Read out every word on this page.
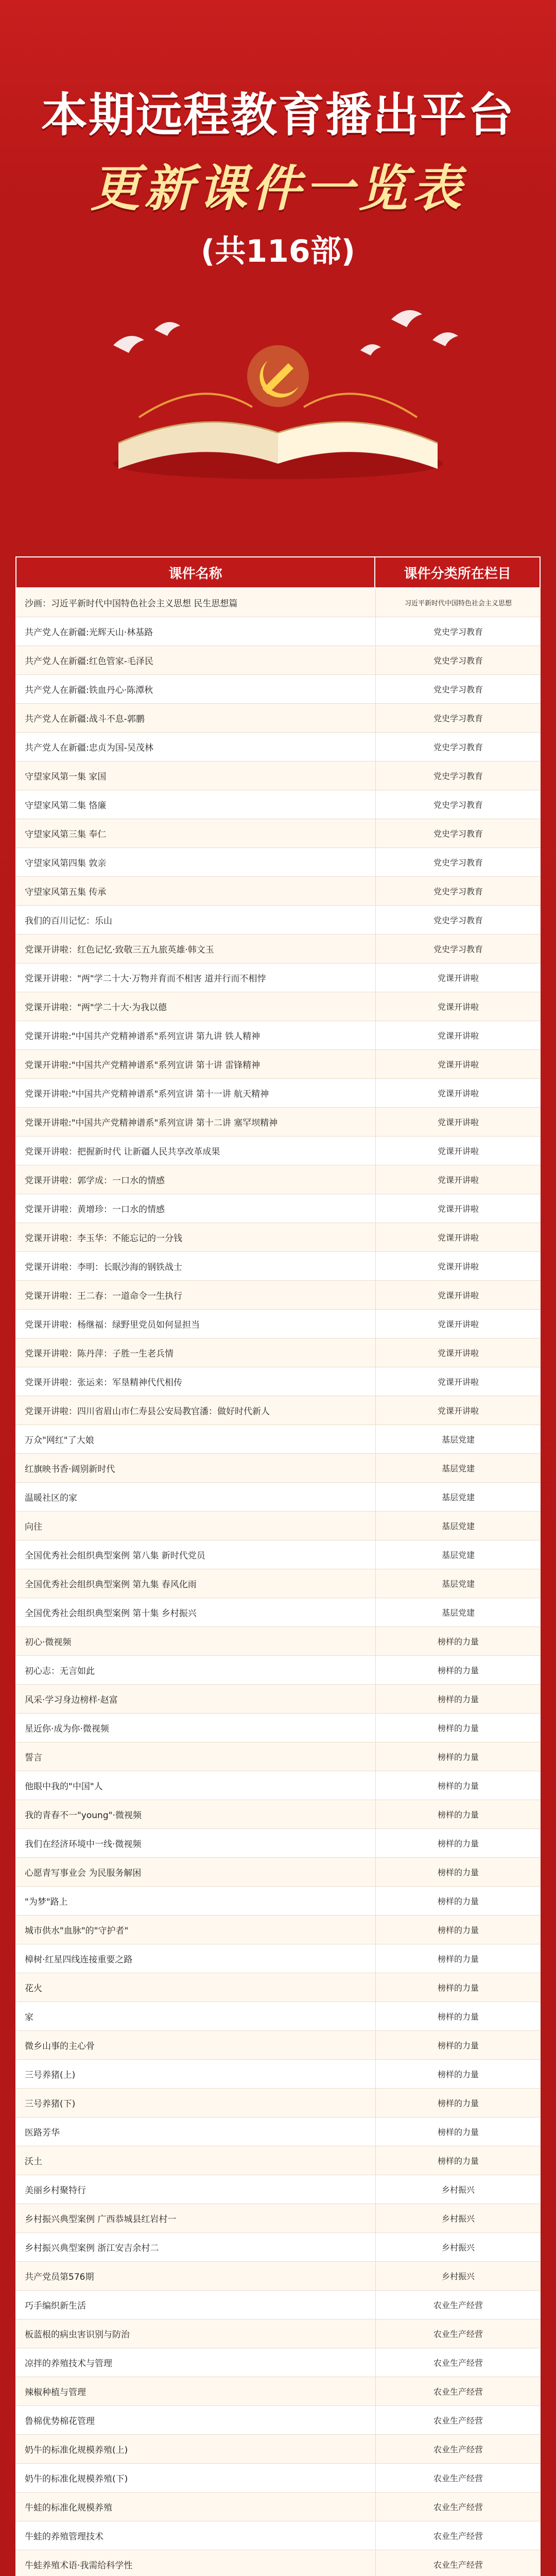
本期远程教育播出平台
更新课件一览表
(共116部)
课件名称	课件分类所在栏目
沙画：习近平新时代中国特色社会主义思想 民生思想篇	习近平新时代中国特色社会主义思想
共产党人在新疆:光辉天山·林基路	党史学习教育
共产党人在新疆:红色管家-毛泽民	党史学习教育
共产党人在新疆:铁血丹心·陈潭秋	党史学习教育
共产党人在新疆:战斗不息-郭鹏	党史学习教育
共产党人在新疆:忠贞为国-吴茂林	党史学习教育
守望家风第一集 家国	党史学习教育
守望家风第二集 恪廉	党史学习教育
守望家风第三集 奉仁	党史学习教育
守望家风第四集 敦亲	党史学习教育
守望家风第五集 传承	党史学习教育
我们的百川记忆：乐山	党史学习教育
党课开讲啦：红色记忆·致敬三五九旅英雄·韩文玉	党史学习教育
党课开讲啦："两"学二十大·万物并育而不相害 道并行而不相悖	党课开讲啦
党课开讲啦："两"学二十大·为我以德	党课开讲啦
党课开讲啦:"中国共产党精神谱系"系列宣讲 第九讲 铁人精神	党课开讲啦
党课开讲啦:"中国共产党精神谱系"系列宣讲 第十讲 雷锋精神	党课开讲啦
党课开讲啦:"中国共产党精神谱系"系列宣讲 第十一讲 航天精神	党课开讲啦
党课开讲啦:"中国共产党精神谱系"系列宣讲 第十二讲 塞罕坝精神	党课开讲啦
党课开讲啦：把握新时代 让新疆人民共享改革成果	党课开讲啦
党课开讲啦：郭学成：一口水的情感	党课开讲啦
党课开讲啦：黄增珍：一口水的情感	党课开讲啦
党课开讲啦：李玉华：不能忘记的一分钱	党课开讲啦
党课开讲啦：李明：长眠沙海的钢铁战士	党课开讲啦
党课开讲啦：王二春：一道命令一生执行	党课开讲啦
党课开讲啦：杨继福：绿野里党员如何显担当	党课开讲啦
党课开讲啦：陈丹萍：子胜一生老兵情	党课开讲啦
党课开讲啦：张运来：军垦精神代代相传	党课开讲啦
党课开讲啦：四川省眉山市仁寿县公安局教官潘：做好时代新人	党课开讲啦
万众"网红"了大娘	基层党建
红旗映书香·阔别新时代	基层党建
温暖社区的家	基层党建
向往	基层党建
全国优秀社会组织典型案例 第八集 新时代党员	基层党建
全国优秀社会组织典型案例 第九集 春风化雨	基层党建
全国优秀社会组织典型案例 第十集 乡村振兴	基层党建
初心·微视频	榜样的力量
初心志：无言如此	榜样的力量
风采·学习身边榜样·赵富	榜样的力量
星近你·成为你·微视频	榜样的力量
誓言	榜样的力量
他眼中我的"中国"人	榜样的力量
我的青春不一"young"·微视频	榜样的力量
我们在经济环境中一线·微视频	榜样的力量
心愿青写事业会 为民服务解困	榜样的力量
"为梦"路上	榜样的力量
城市供水"血脉"的"守护者"	榜样的力量
樟树·红星四线连接重要之路	榜样的力量
花火	榜样的力量
家	榜样的力量
微乡山事的主心骨	榜样的力量
三号养猪(上)	榜样的力量
三号养猪(下)	榜样的力量
医路芳华	榜样的力量
沃土	榜样的力量
美丽乡村聚特行	乡村振兴
乡村振兴典型案例 广西恭城县红岩村一	乡村振兴
乡村振兴典型案例 浙江安吉余村二	乡村振兴
共产党员第576期	乡村振兴
巧手编织新生活	农业生产经营
板蓝根的病虫害识别与防治	农业生产经营
凉拌的养殖技术与管理	农业生产经营
辣椒种植与管理	农业生产经营
鲁棉优势棉花管理	农业生产经营
奶牛的标准化规模养殖(上)	农业生产经营
奶牛的标准化规模养殖(下)	农业生产经营
牛蛙的标准化规模养殖	农业生产经营
牛蛙的养殖管理技术	农业生产经营
牛蛙养殖术语·我需给科学性	农业生产经营
